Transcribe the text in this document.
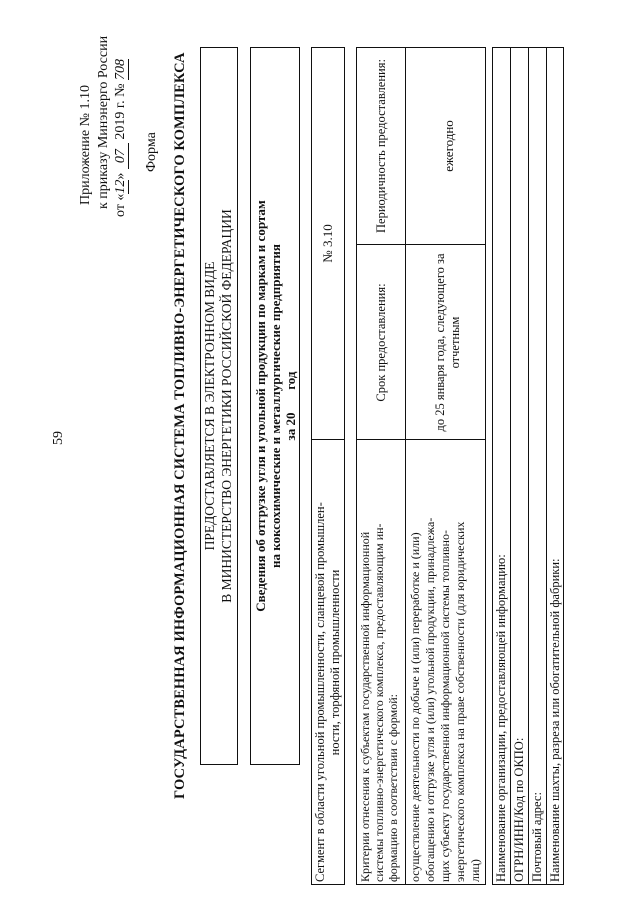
59
Приложение № 1.10 к приказу Минэнерго России от «12» 07 2019 г. № 708
Форма ГОСУДАРСТВЕННАЯ ИНФОРМАЦИОННАЯ СИСТЕМА ТОПЛИВНО-ЭНЕРГЕТИЧЕСКОГО КОМПЛЕКСА ПРЕДОСТАВЛЯЕТСЯ В ЭЛЕКТРОННОМ ВИДЕ В МИНИСТЕРСТВО ЭНЕРГЕТИКИ РОССИЙСКОЙ ФЕДЕРАЦИИ Сведения об отгрузке угля и угольной продукции по маркам и сортам на коксохимические и металлургические предприятия за 20       год
Сегмент в области угольной промышленности, сланцевой промышлен- ности, торфяной промышленности
№ 3.10
Критерии отнесения к субъектам государственной информационной системы топливно-энергетического комплекса, предоставляющим ин- формацию в соответствии с формой:
Срок предоставления:
Периодичность предоставления:
осуществление деятельности по добыче и (или) переработке и (или) обогащению и отгрузке угля и (или) угольной продукции, принадлежа- щих субъекту государственной информационной системы топливно- энергетического комплекса на праве собственности (для юридических лиц)
до 25 января года, следующего за отчетным
ежегодно
Наименование организации, предоставляющей информацию: ОГРН/ИНН/Код по ОКПО: Почтовый адрес: Наименование шахты, разреза или обогатительной фабрики:
